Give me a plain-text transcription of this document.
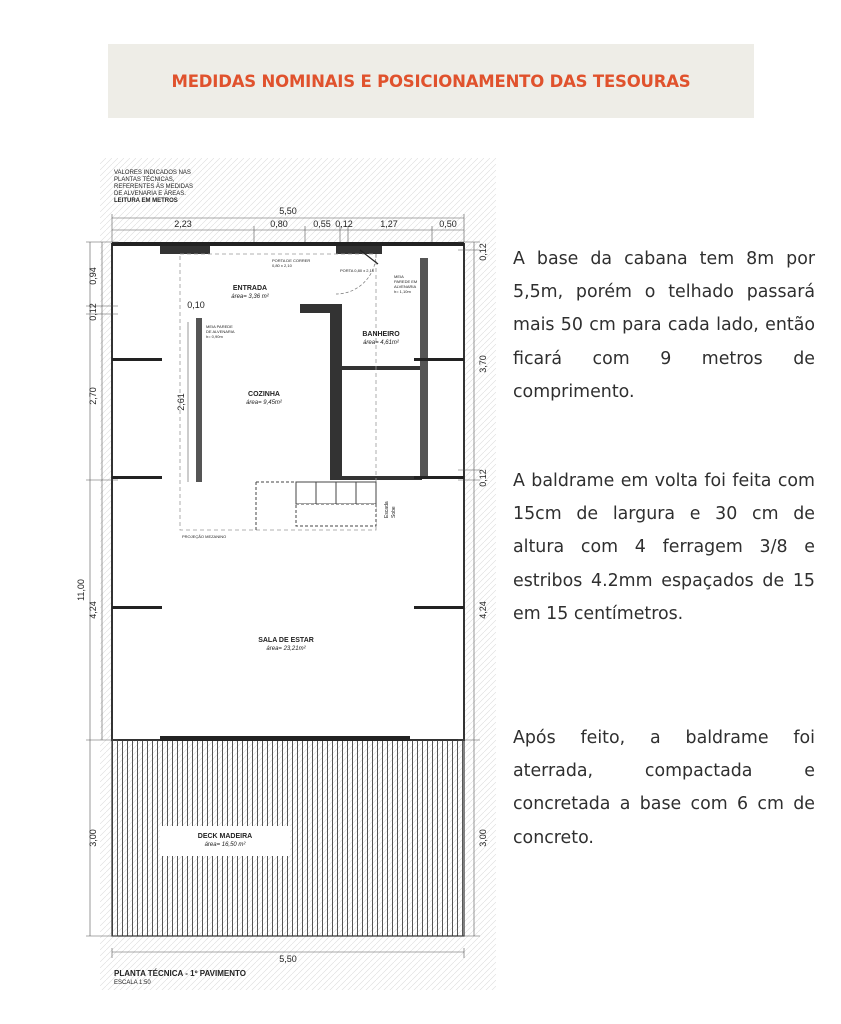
MEDIDAS NOMINAIS E POSICIONAMENTO DAS TESOURAS
VALORES INDICADOS NAS
PLANTAS TÉCNICAS,
REFERENTES ÀS MEDIDAS
DE ALVENARIA E ÁREAS.
LEITURA EM METROS
5,50
2,23	0,80	0,55 0,12	1,27	0,50
0,94
0,12
2,70
11,00
4,24
3,00
0,12
3,70
0,12
4,24
3,00
0,10
2,61
ENTRADA
área= 3,36 m²
BANHEIRO
área= 4,61m²
COZINHA
área= 9,45m²
SALA DE ESTAR
área= 23,21m²
DECK MADEIRA
área= 16,50 m²
MEIA PAREDE
DE ALVENARIA
h= 0,90m
MEIA
PAREDE EM
ALVENARIA
h= 1,10m
PORTA DE CORRER
0,80 x 2,10
PORTA 0,80 x 2,10
PROJEÇÃO MEZANINO
Escada Sobe
5,50
PLANTA TÉCNICA - 1º PAVIMENTO
ESCALA 1:50

A base da cabana tem 8m por 5,5m, porém o telhado passará mais 50 cm para cada lado, então ficará com 9 metros de comprimento.

A baldrame em volta foi feita com 15cm de largura e 30 cm de altura com 4 ferragem 3/8 e estribos 4.2mm espaçados de 15 em 15 centímetros.

Após feito, a baldrame foi aterrada, compactada e concretada a base com 6 cm de concreto.
